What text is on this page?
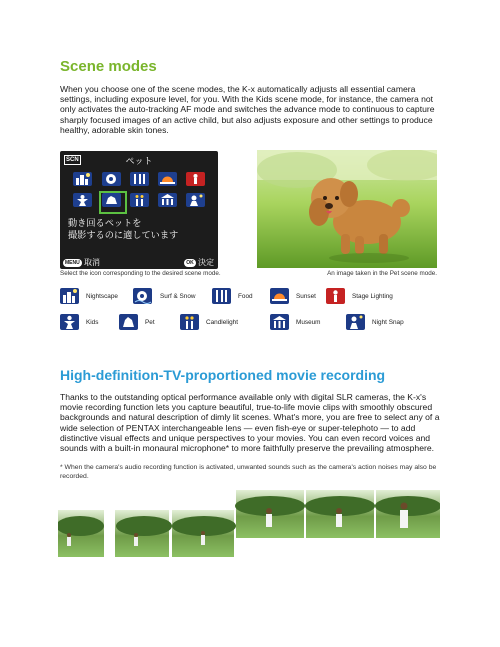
Scene modes
When you choose one of the scene modes, the K-x automatically adjusts all essential camera settings, including exposure level, for you. With the Kids scene mode, for instance, the camera not only activates the auto-tracking AF mode and switches the advance mode to continuous to capture sharply focused images of an active child, but also adjusts exposure and other settings to produce healthy, adorable skin tones.
SCN	ペット
動き回るペットを
撮影するのに適しています
MENU 取消	OK 決定
Select the icon corresponding to the desired scene mode.	An image taken in the Pet scene mode.
Nightscape	Surf & Snow	Food	Sunset	Stage Lighting
Kids	Pet	Candlelight	Museum	Night Snap
High-definition-TV-proportioned movie recording
Thanks to the outstanding optical performance available only with digital SLR cameras, the K-x's movie recording function lets you capture beautiful, true-to-life movie clips with smoothly obscured backgrounds and natural description of dimly lit scenes. What's more, you are free to select any of a wide selection of PENTAX interchangeable lens — even fish-eye or super-telephoto — to add distinctive visual effects and unique perspectives to your movies. You can even record voices and sounds with a built-in monaural microphone* to more faithfully preserve the prevailing atmosphere.
* When the camera's audio recording function is activated, unwanted sounds such as the camera's action noises may also be recorded.
